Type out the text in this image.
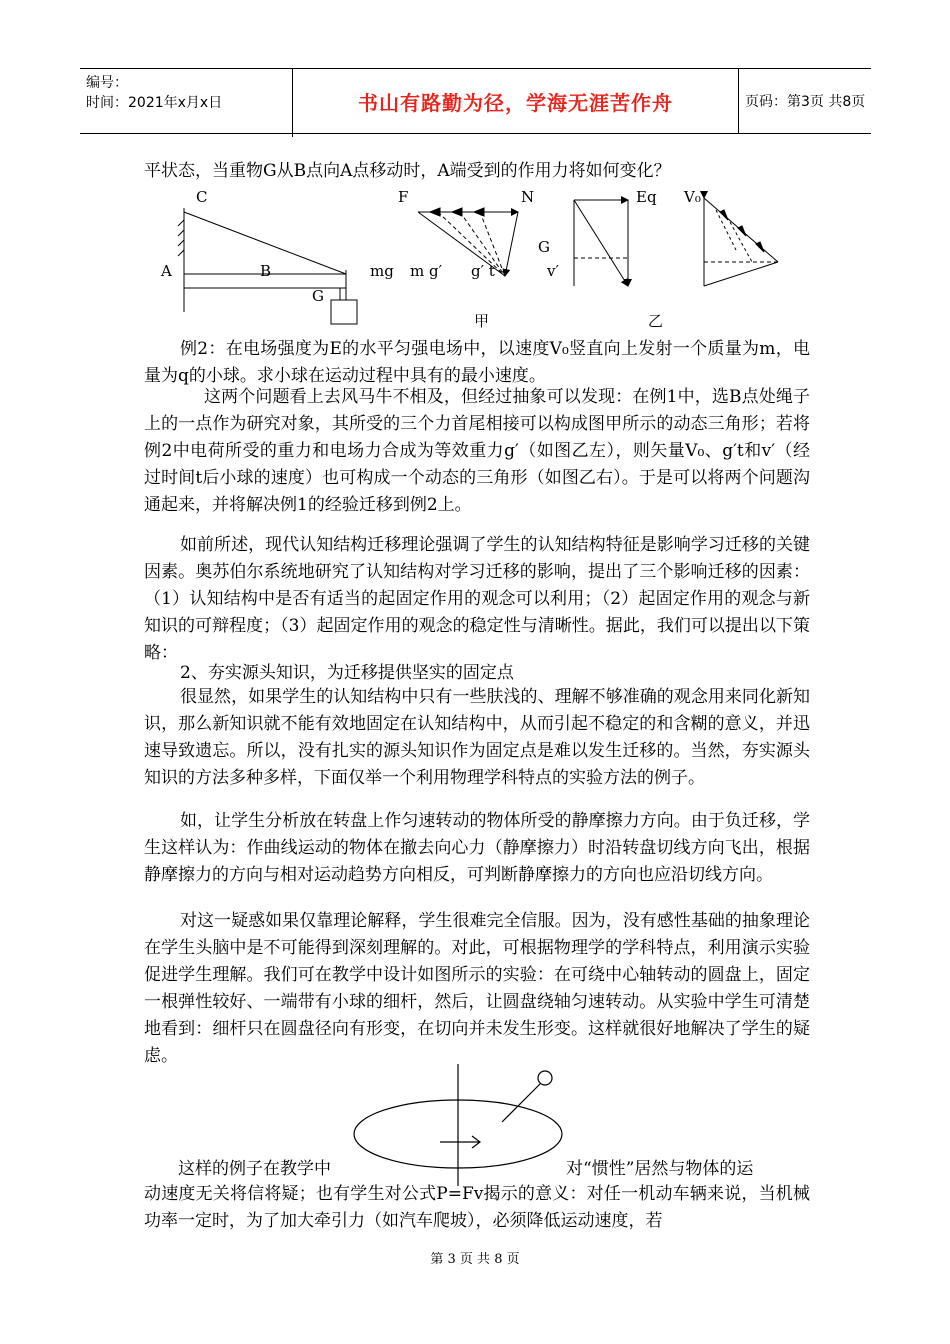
编号：
时间：2021年x月x日	书山有路勤为径，学海无涯苦作舟	页码：第3页 共8页
平状态，当重物G从B点向A点移动时，A端受到的作用力将如何变化？
C
A	B
G
F	N
G
mg m g′ g′ t
Eq V₀
v′
甲	乙
例2：在电场强度为E的水平匀强电场中，以速度V₀竖直向上发射一个质量为m，电量为q的小球。求小球在运动过程中具有的最小速度。
这两个问题看上去风马牛不相及，但经过抽象可以发现：在例1中，选B点处绳子上的一点作为研究对象，其所受的三个力首尾相接可以构成图甲所示的动态三角形；若将例2中电荷所受的重力和电场力合成为等效重力g′（如图乙左），则矢量V₀、g′t和v′（经过时间t后小球的速度）也可构成一个动态的三角形（如图乙右）。于是可以将两个问题沟通起来，并将解决例1的经验迁移到例2上。
如前所述，现代认知结构迁移理论强调了学生的认知结构特征是影响学习迁移的关键因素。奥苏伯尔系统地研究了认知结构对学习迁移的影响，提出了三个影响迁移的因素：（1）认知结构中是否有适当的起固定作用的观念可以利用；（2）起固定作用的观念与新知识的可辩程度；（3）起固定作用的观念的稳定性与清晰性。据此，我们可以提出以下策略：
2、夯实源头知识，为迁移提供坚实的固定点
很显然，如果学生的认知结构中只有一些肤浅的、理解不够准确的观念用来同化新知识，那么新知识就不能有效地固定在认知结构中，从而引起不稳定的和含糊的意义，并迅速导致遗忘。所以，没有扎实的源头知识作为固定点是难以发生迁移的。当然，夯实源头知识的方法多种多样，下面仅举一个利用物理学科特点的实验方法的例子。
如，让学生分析放在转盘上作匀速转动的物体所受的静摩擦力方向。由于负迁移，学生这样认为：作曲线运动的物体在撤去向心力（静摩擦力）时沿转盘切线方向飞出，根据静摩擦力的方向与相对运动趋势方向相反，可判断静摩擦力的方向也应沿切线方向。
对这一疑惑如果仅靠理论解释，学生很难完全信服。因为，没有感性基础的抽象理论在学生头脑中是不可能得到深刻理解的。对此，可根据物理学的学科特点，利用演示实验促进学生理解。我们可在教学中设计如图所示的实验：在可绕中心轴转动的圆盘上，固定一根弹性较好、一端带有小球的细杆，然后，让圆盘绕轴匀速转动。从实验中学生可清楚地看到：细杆只在圆盘径向有形变，在切向并未发生形变。这样就很好地解决了学生的疑虑。
这样的例子在教学中	对“惯性”居然与物体的运
动速度无关将信将疑；也有学生对公式P=Fv揭示的意义：对任一机动车辆来说，当机械功率一定时，为了加大牵引力（如汽车爬坡），必须降低运动速度，若
第 3 页 共 8 页
